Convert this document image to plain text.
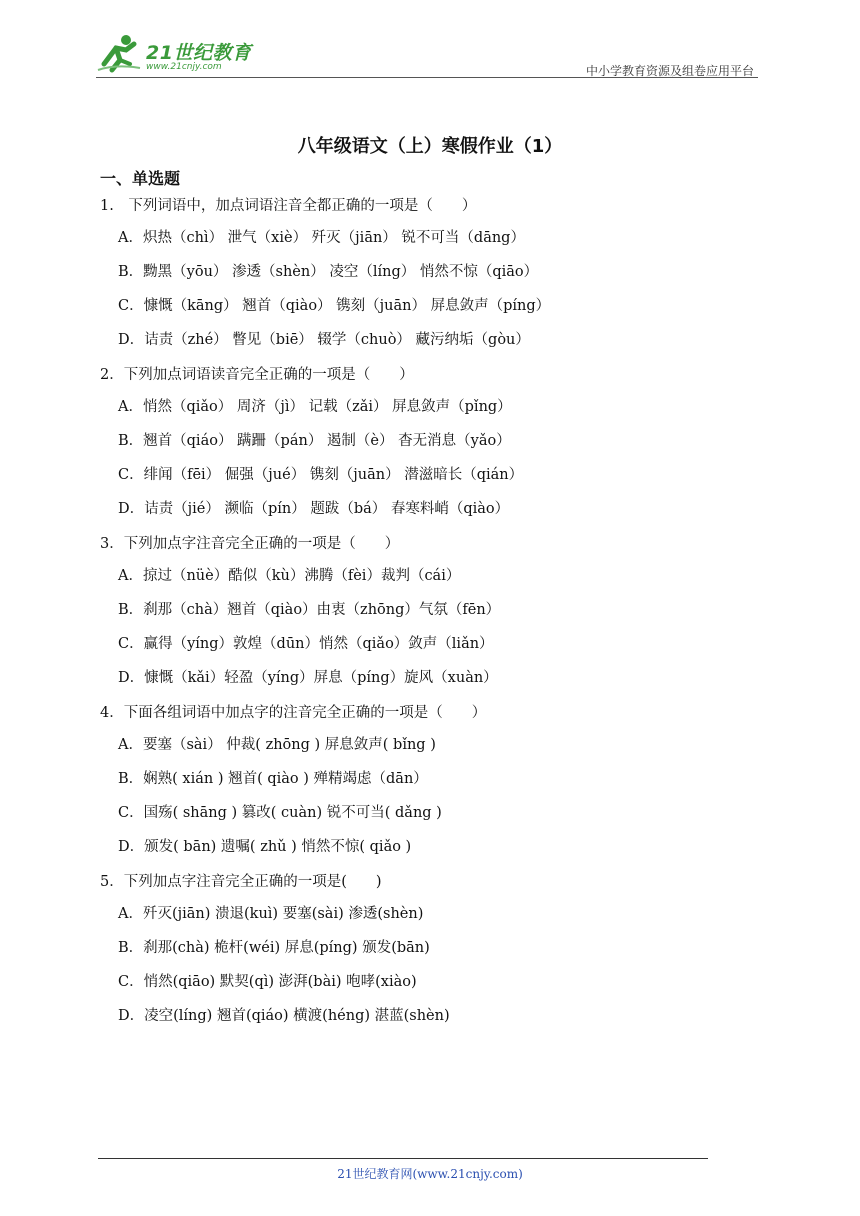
21世纪教育
www.21cnjy.com	中小学教育资源及组卷应用平台
八年级语文（上）寒假作业（1）
一、单选题
1.　下列词语中，加点词语注音全都正确的一项是（　　）
A．炽热（chì） 泄气（xiè） 歼灭（jiān） 锐不可当（dāng）
B．黝黑（yōu） 渗透（shèn） 凌空（líng） 悄然不惊（qiāo）
C．慷慨（kāng） 翘首（qiào） 镌刻（juān） 屏息敛声（píng）
D．诘责（zhé） 瞥见（biē） 辍学（chuò） 藏污纳垢（gòu）
2．下列加点词语读音完全正确的一项是（　　）
A．悄然（qiǎo） 周济（jì） 记载（zǎi） 屏息敛声（pǐng）
B．翘首（qiáo） 蹒跚（pán） 遏制（è） 杳无消息（yǎo）
C．绯闻（fēi） 倔强（jué） 镌刻（juān） 潜滋暗长（qián）
D．诘责（jié） 濒临（pín） 题跋（bá） 春寒料峭（qiào）
3．下列加点字注音完全正确的一项是（　　）
A．掠过（nüè）酷似（kù）沸腾（fèi）裁判（cái）
B．刹那（chà）翘首（qiào）由衷（zhōng）气氛（fēn）
C．赢得（yíng）敦煌（dūn）悄然（qiǎo）敛声（liǎn）
D．慷慨（kǎi）轻盈（yíng）屏息（píng）旋风（xuàn）
4．下面各组词语中加点字的注音完全正确的一项是（　　）
A．要塞（sài） 仲裁( zhōng ) 屏息敛声( bǐng )
B．娴熟( xián ) 翘首( qiào ) 殚精竭虑（dān）
C．国殇( shāng ) 篡改( cuàn) 锐不可当( dǎng )
D．颁发( bān) 遗嘱( zhǔ ) 悄然不惊( qiǎo )
5．下列加点字注音完全正确的一项是(　　)
A．歼灭(jiān) 溃退(kuì) 要塞(sài) 渗透(shèn)
B．刹那(chà) 桅杆(wéi) 屏息(píng) 颁发(bān)
C．悄然(qiāo) 默契(qì) 澎湃(bài) 咆哮(xiào)
D．凌空(líng) 翘首(qiáo) 横渡(héng) 湛蓝(shèn)
21世纪教育网(www.21cnjy.com)
